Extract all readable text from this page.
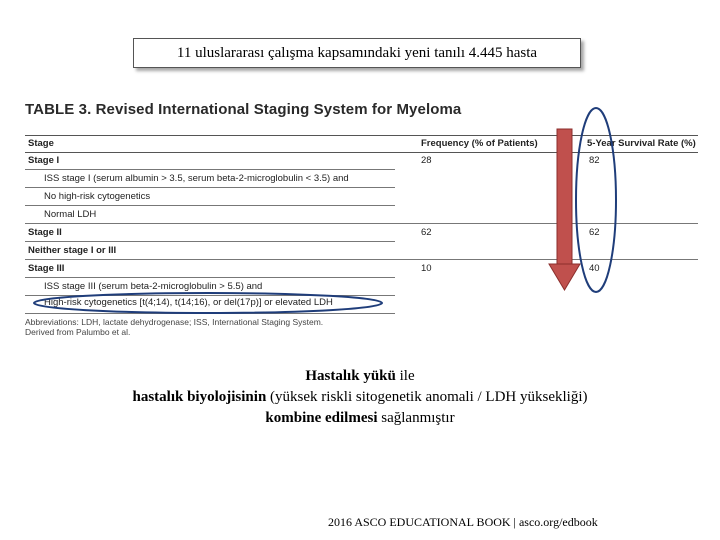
11 uluslararası çalışma kapsamındaki yeni tanılı 4.445 hasta
TABLE 3. Revised International Staging System for Myeloma
Stage	Frequency (% of Patients)	5-Year Survival Rate (%)
Stage I	28	82
ISS stage I (serum albumin > 3.5, serum beta-2-microglobulin < 3.5) and
No high-risk cytogenetics
Normal LDH
Stage II	62	62
Neither stage I or III
Stage III	10	40
ISS stage III (serum beta-2-microglobulin > 5.5) and
High-risk cytogenetics [t(4;14), t(14;16), or del(17p)] or elevated LDH
Abbreviations: LDH, lactate dehydrogenase; ISS, International Staging System.
Derived from Palumbo et al.
Hastalık yükü ile
hastalık biyolojisinin (yüksek riskli sitogenetik anomali / LDH yüksekliği)
kombine edilmesi sağlanmıştır
2016 ASCO EDUCATIONAL BOOK | asco.org/edbook
